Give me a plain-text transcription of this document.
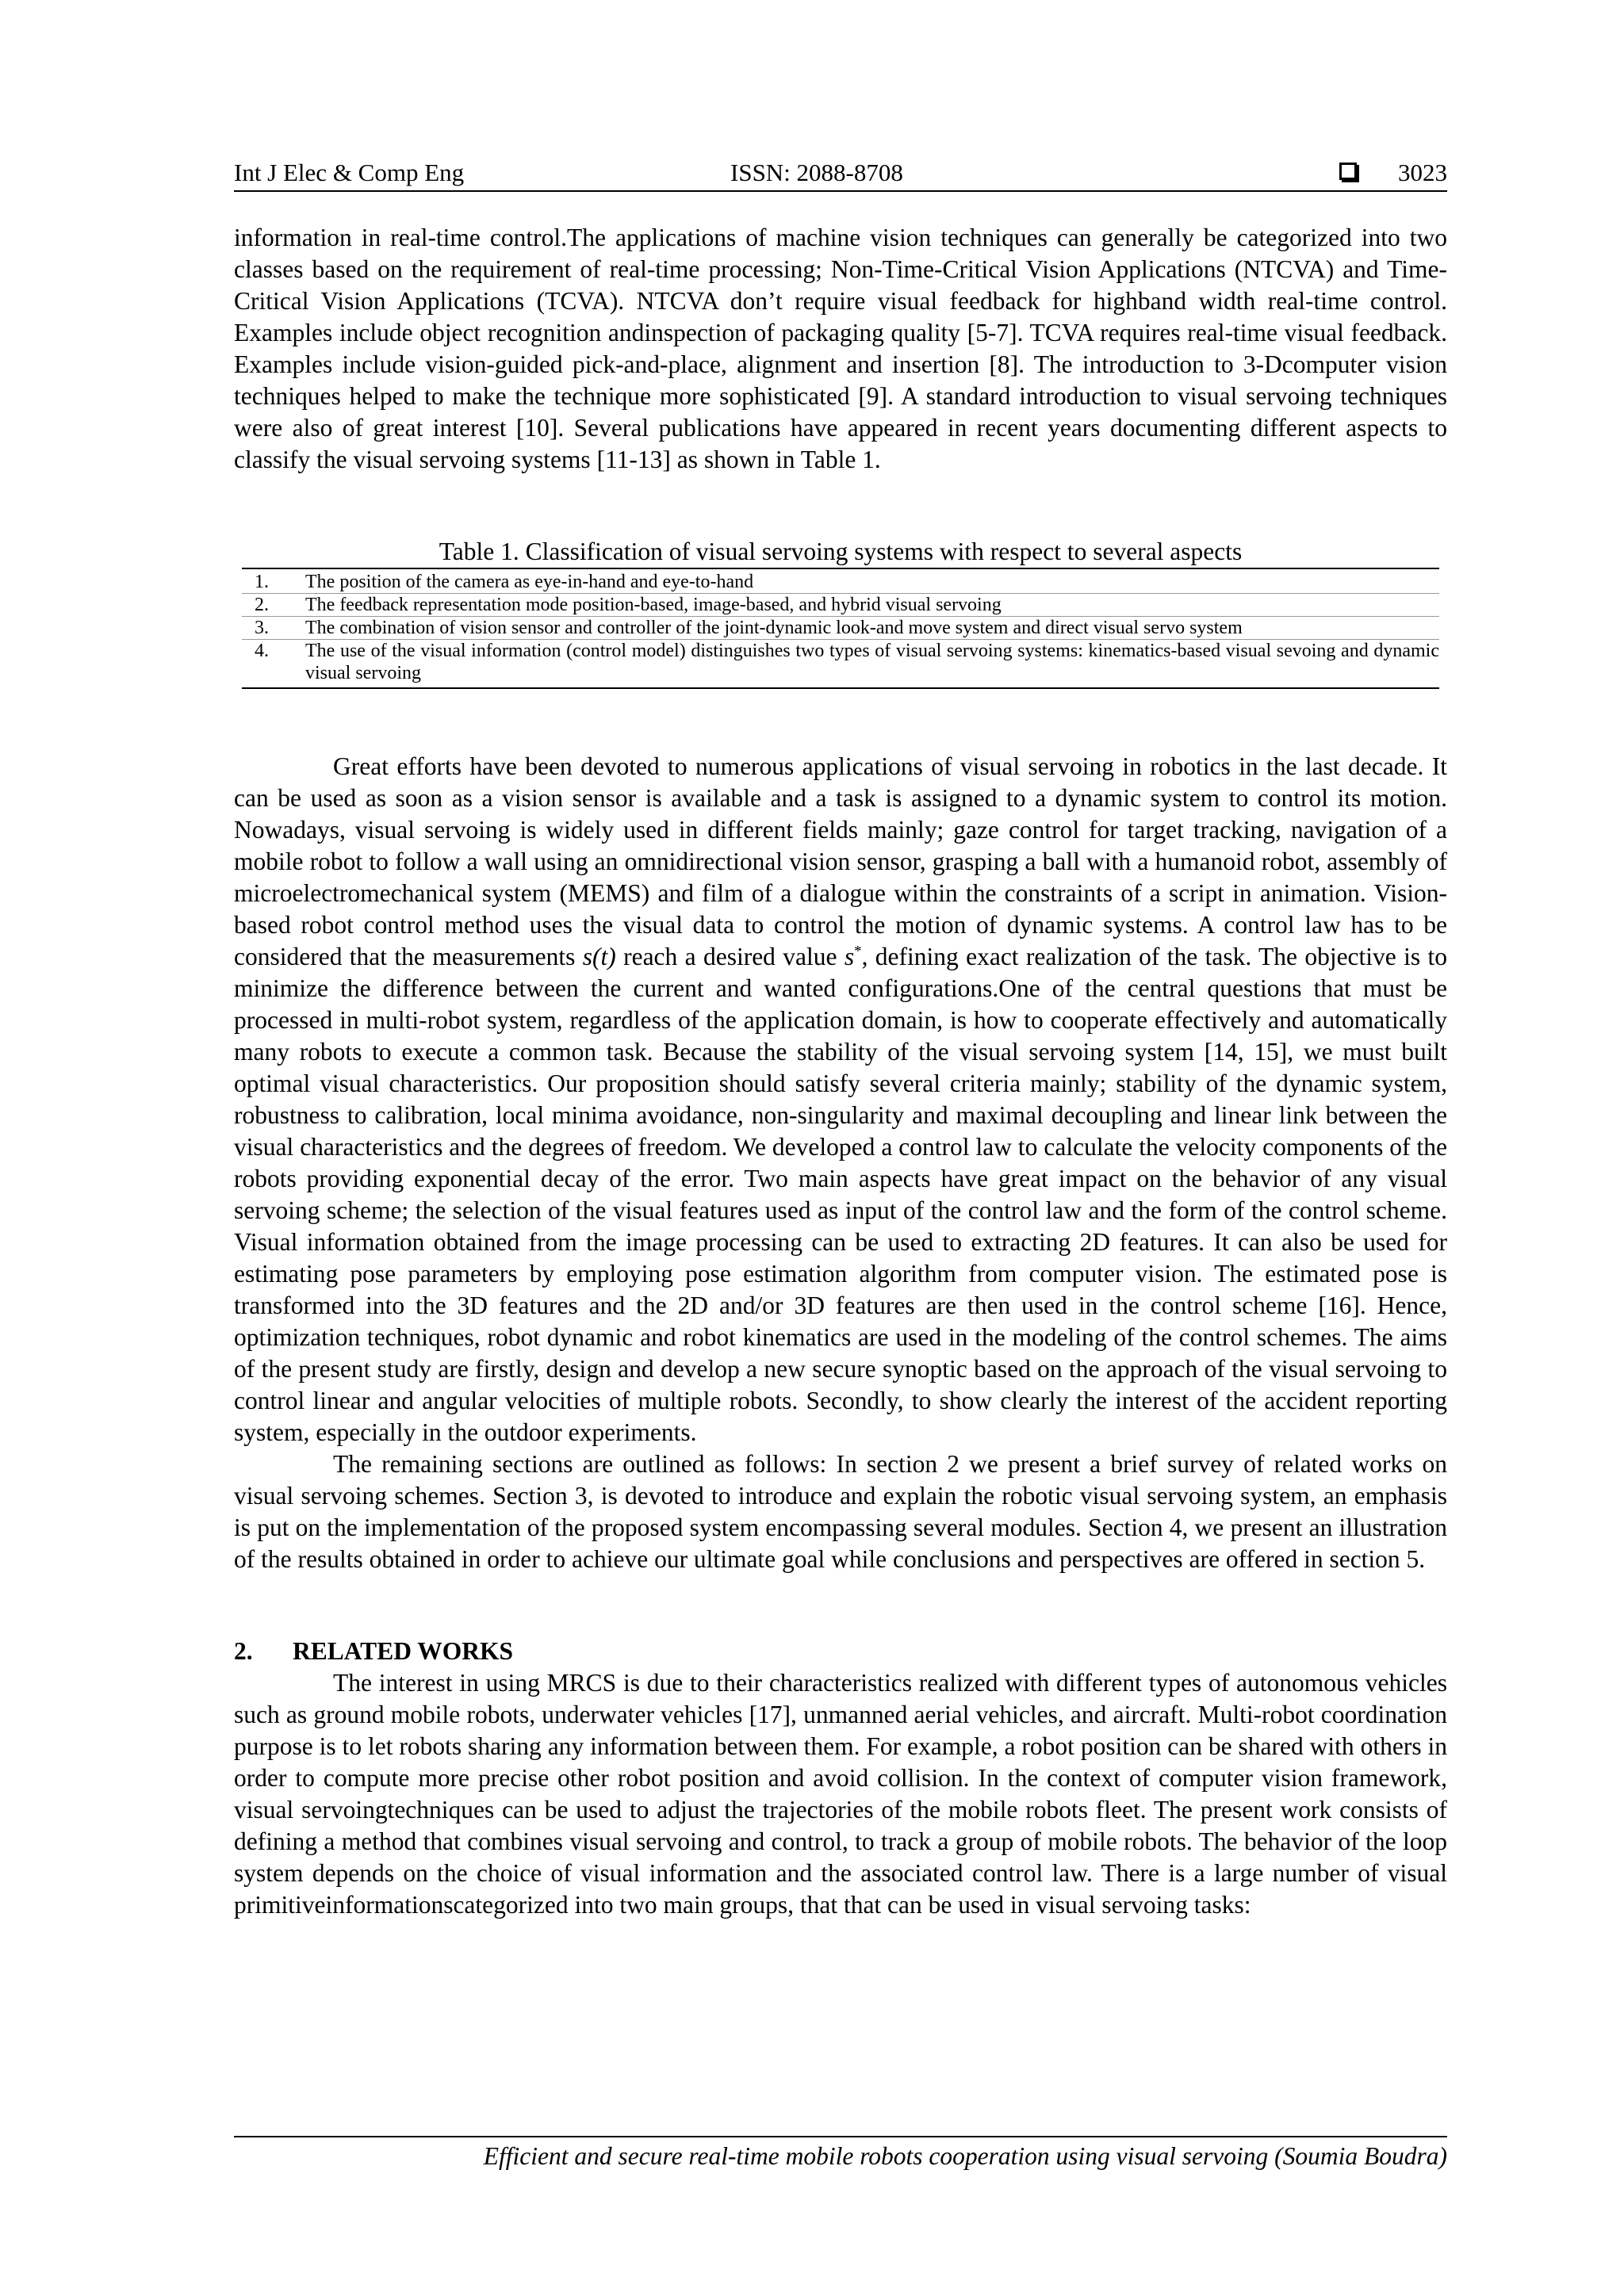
Int J Elec & Comp Eng	ISSN: 2088-8708	3023

information in real-time control.The applications of machine vision techniques can generally be categorized into two classes based on the requirement of real-time processing; Non-Time-Critical Vision Applications (NTCVA) and Time-Critical Vision Applications (TCVA). NTCVA don’t require visual feedback for highband width real-time control. Examples include object recognition andinspection of packaging quality [5-7]. TCVA requires real-time visual feedback. Examples include vision-guided pick-and-place, alignment and insertion [8]. The introduction to 3-Dcomputer vision techniques helped to make the technique more sophisticated [9]. A standard introduction to visual servoing techniques were also of great interest [10]. Several publications have appeared in recent years documenting different aspects to classify the visual servoing systems [11-13] as shown in Table 1.

Table 1. Classification of visual servoing systems with respect to several aspects

1.	The position of the camera as eye-in-hand and eye-to-hand
2.	The feedback representation mode position-based, image-based, and hybrid visual servoing
3.	The combination of vision sensor and controller of the joint-dynamic look-and move system and direct visual servo system
4.	The use of the visual information (control model) distinguishes two types of visual servoing systems: kinematics-based visual sevoing and dynamic visual servoing

Great efforts have been devoted to numerous applications of visual servoing in robotics in the last decade. It can be used as soon as a vision sensor is available and a task is assigned to a dynamic system to control its motion. Nowadays, visual servoing is widely used in different fields mainly; gaze control for target tracking, navigation of a mobile robot to follow a wall using an omnidirectional vision sensor, grasping a ball with a humanoid robot, assembly of microelectromechanical system (MEMS) and film of a dialogue within the constraints of a script in animation. Vision-based robot control method uses the visual data to control the motion of dynamic systems. A control law has to be considered that the measurements s(t) reach a desired value s*, defining exact realization of the task. The objective is to minimize the difference between the current and wanted configurations.One of the central questions that must be processed in multi-robot system, regardless of the application domain, is how to cooperate effectively and automatically many robots to execute a common task. Because the stability of the visual servoing system [14, 15], we must built optimal visual characteristics. Our proposition should satisfy several criteria mainly; stability of the dynamic system, robustness to calibration, local minima avoidance, non-singularity and maximal decoupling and linear link between the visual characteristics and the degrees of freedom. We developed a control law to calculate the velocity components of the robots providing exponential decay of the error. Two main aspects have great impact on the behavior of any visual servoing scheme; the selection of the visual features used as input of the control law and the form of the control scheme. Visual information obtained from the image processing can be used to extracting 2D features. It can also be used for estimating pose parameters by employing pose estimation algorithm from computer vision. The estimated pose is transformed into the 3D features and the 2D and/or 3D features are then used in the control scheme [16]. Hence, optimization techniques, robot dynamic and robot kinematics are used in the modeling of the control schemes. The aims of the present study are firstly, design and develop a new secure synoptic based on the approach of the visual servoing to control linear and angular velocities of multiple robots. Secondly, to show clearly the interest of the accident reporting system, especially in the outdoor experiments.

The remaining sections are outlined as follows: In section 2 we present a brief survey of related works on visual servoing schemes. Section 3, is devoted to introduce and explain the robotic visual servoing system, an emphasis is put on the implementation of the proposed system encompassing several modules. Section 4, we present an illustration of the results obtained in order to achieve our ultimate goal while conclusions and perspectives are offered in section 5.

2. RELATED WORKS

The interest in using MRCS is due to their characteristics realized with different types of autonomous vehicles such as ground mobile robots, underwater vehicles [17], unmanned aerial vehicles, and aircraft. Multi-robot coordination purpose is to let robots sharing any information between them. For example, a robot position can be shared with others in order to compute more precise other robot position and avoid collision. In the context of computer vision framework, visual servoingtechniques can be used to adjust the trajectories of the mobile robots fleet. The present work consists of defining a method that combines visual servoing and control, to track a group of mobile robots. The behavior of the loop system depends on the choice of visual information and the associated control law. There is a large number of visual primitiveinformationscategorized into two main groups, that that can be used in visual servoing tasks:

Efficient and secure real-time mobile robots cooperation using visual servoing (Soumia Boudra)
